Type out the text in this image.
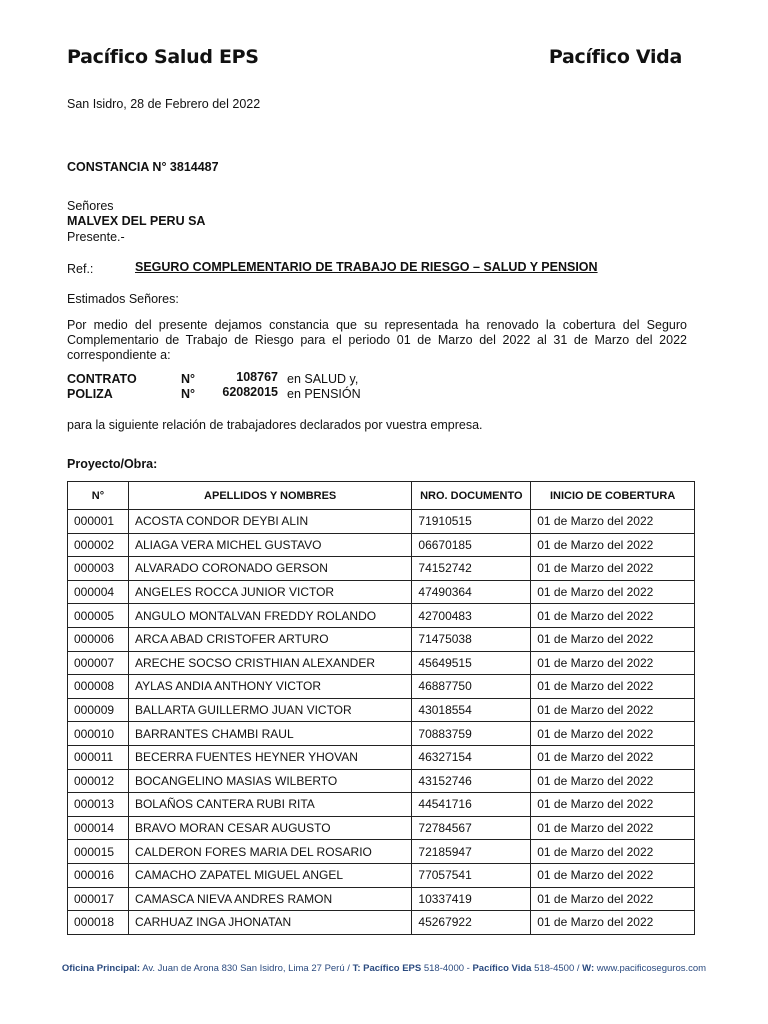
Pacífico Salud EPS	Pacífico Vida
San Isidro, 28 de Febrero del 2022
CONSTANCIA N° 3814487
Señores
MALVEX DEL PERU SA
Presente.-
Ref.:	SEGURO COMPLEMENTARIO DE TRABAJO DE RIESGO – SALUD Y PENSION
Estimados Señores:
Por medio del presente dejamos constancia que su representada ha renovado la cobertura del Seguro Complementario de Trabajo de Riesgo para el periodo 01 de Marzo del 2022 al 31 de Marzo del 2022 correspondiente a:
CONTRATO	N°	108767 en SALUD y,
POLIZA	N°	62082015 en PENSIÓN
para la siguiente relación de trabajadores declarados por vuestra empresa.
Proyecto/Obra:
N°	APELLIDOS Y NOMBRES	NRO. DOCUMENTO	INICIO DE COBERTURA
000001	ACOSTA CONDOR DEYBI ALIN	71910515	01 de Marzo del 2022
000002	ALIAGA VERA MICHEL GUSTAVO	06670185	01 de Marzo del 2022
000003	ALVARADO CORONADO GERSON	74152742	01 de Marzo del 2022
000004	ANGELES ROCCA JUNIOR VICTOR	47490364	01 de Marzo del 2022
000005	ANGULO MONTALVAN FREDDY ROLANDO	42700483	01 de Marzo del 2022
000006	ARCA ABAD CRISTOFER ARTURO	71475038	01 de Marzo del 2022
000007	ARECHE SOCSO CRISTHIAN ALEXANDER	45649515	01 de Marzo del 2022
000008	AYLAS ANDIA ANTHONY VICTOR	46887750	01 de Marzo del 2022
000009	BALLARTA GUILLERMO JUAN VICTOR	43018554	01 de Marzo del 2022
000010	BARRANTES CHAMBI RAUL	70883759	01 de Marzo del 2022
000011	BECERRA FUENTES HEYNER YHOVAN	46327154	01 de Marzo del 2022
000012	BOCANGELINO MASIAS WILBERTO	43152746	01 de Marzo del 2022
000013	BOLAÑOS CANTERA RUBI RITA	44541716	01 de Marzo del 2022
000014	BRAVO MORAN CESAR AUGUSTO	72784567	01 de Marzo del 2022
000015	CALDERON FORES MARIA DEL ROSARIO	72185947	01 de Marzo del 2022
000016	CAMACHO ZAPATEL MIGUEL ANGEL	77057541	01 de Marzo del 2022
000017	CAMASCA NIEVA ANDRES RAMON	10337419	01 de Marzo del 2022
000018	CARHUAZ INGA JHONATAN	45267922	01 de Marzo del 2022
Oficina Principal: Av. Juan de Arona 830 San Isidro, Lima 27 Perú / T: Pacífico EPS 518-4000 - Pacífico Vida 518-4500 / W: www.pacificoseguros.com
